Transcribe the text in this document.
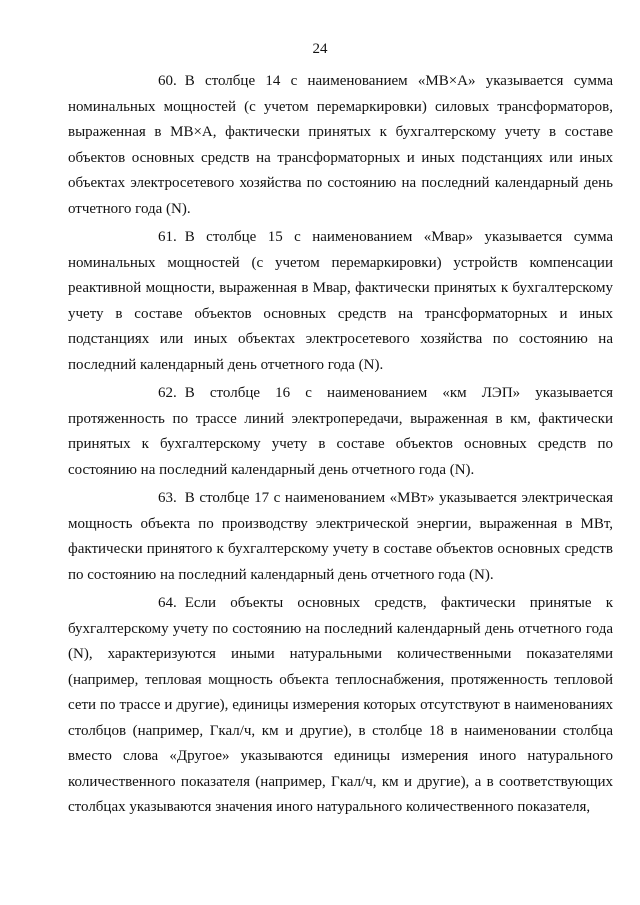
24

60. В столбце 14 с наименованием «МВ×А» указывается сумма номинальных мощностей (с учетом перемаркировки) силовых трансформаторов, выраженная в МВ×А, фактически принятых к бухгалтерскому учету в составе объектов основных средств на трансформаторных и иных подстанциях или иных объектах электросетевого хозяйства по состоянию на последний календарный день отчетного года (N).

61. В столбце 15 с наименованием «Мвар» указывается сумма номинальных мощностей (с учетом перемаркировки) устройств компенсации реактивной мощности, выраженная в Мвар, фактически принятых к бухгалтерскому учету в составе объектов основных средств на трансформаторных и иных подстанциях или иных объектах электросетевого хозяйства по состоянию на последний календарный день отчетного года (N).

62. В столбце 16 с наименованием «км ЛЭП» указывается протяженность по трассе линий электропередачи, выраженная в км, фактически принятых к бухгалтерскому учету в составе объектов основных средств по состоянию на последний календарный день отчетного года (N).

63. В столбце 17 с наименованием «МВт» указывается электрическая мощность объекта по производству электрической энергии, выраженная в МВт, фактически принятого к бухгалтерскому учету в составе объектов основных средств по состоянию на последний календарный день отчетного года (N).

64. Если объекты основных средств, фактически принятые к бухгалтерскому учету по состоянию на последний календарный день отчетного года (N), характеризуются иными натуральными количественными показателями (например, тепловая мощность объекта теплоснабжения, протяженность тепловой сети по трассе и другие), единицы измерения которых отсутствуют в наименованиях столбцов (например, Гкал/ч, км и другие), в столбце 18 в наименовании столбца вместо слова «Другое» указываются единицы измерения иного натурального количественного показателя (например, Гкал/ч, км и другие), а в соответствующих столбцах указываются значения иного натурального количественного показателя,
